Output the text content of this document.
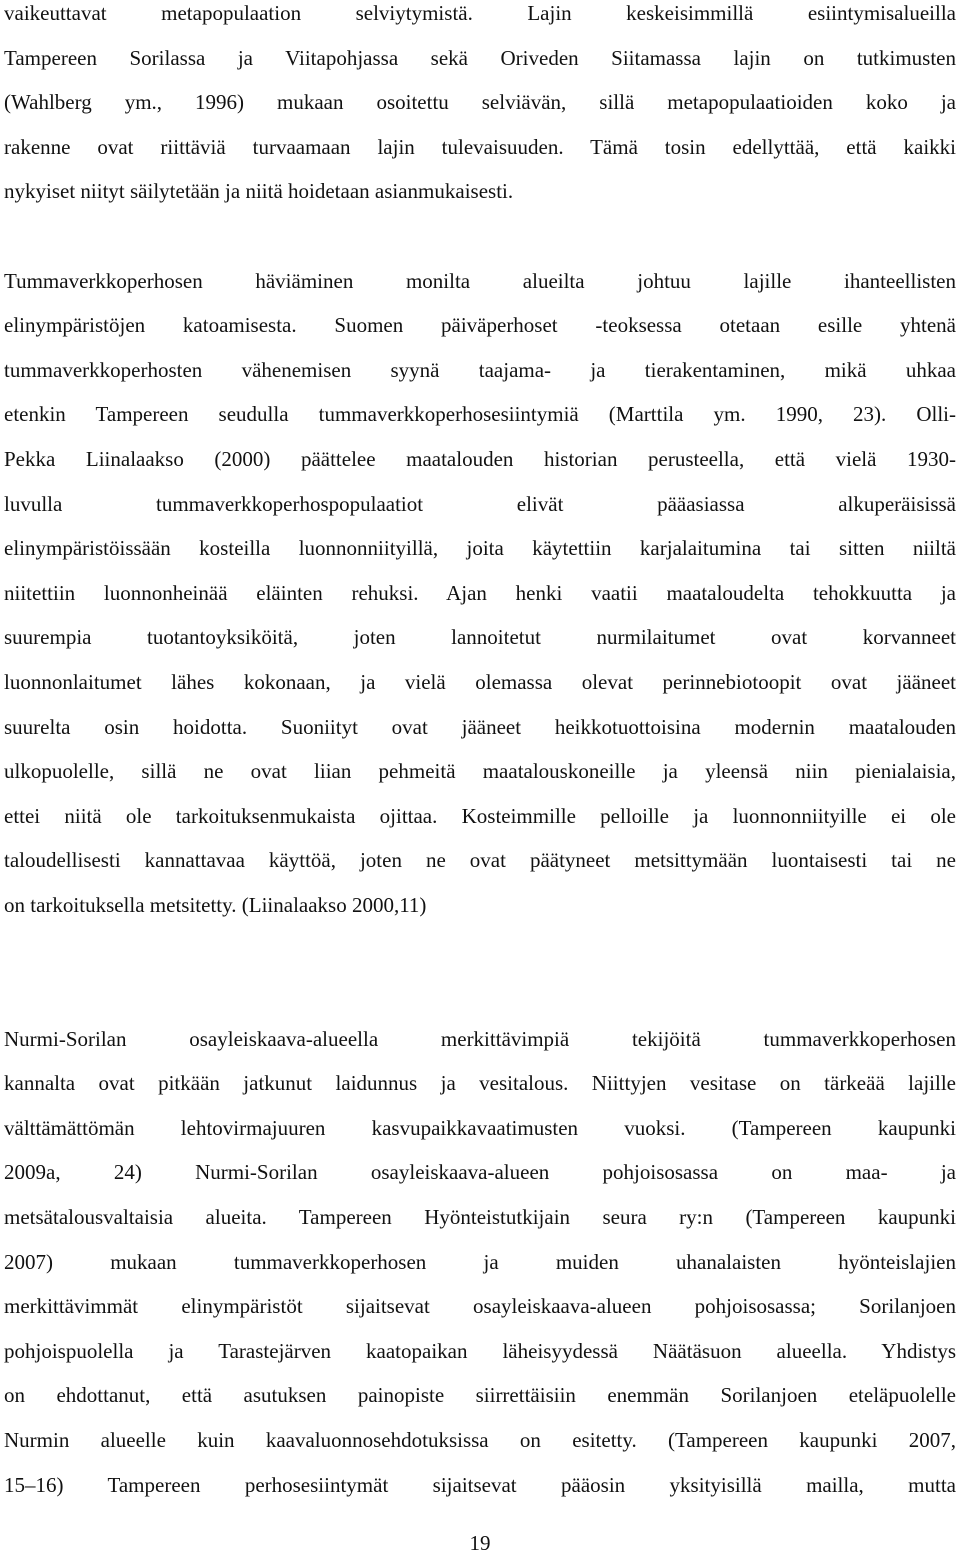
vaikeuttavat metapopulaation selviytymistä. Lajin keskeisimmillä esiintymisalueilla
Tampereen Sorilassa ja Viitapohjassa sekä Oriveden Siitamassa lajin on tutkimusten
(Wahlberg ym., 1996) mukaan osoitettu selviävän, sillä metapopulaatioiden koko ja
rakenne ovat riittäviä turvaamaan lajin tulevaisuuden. Tämä tosin edellyttää, että kaikki
nykyiset niityt säilytetään ja niitä hoidetaan asianmukaisesti.
Tummaverkkoperhosen häviäminen monilta alueilta johtuu lajille ihanteellisten
elinympäristöjen katoamisesta. Suomen päiväperhoset -teoksessa otetaan esille yhtenä
tummaverkkoperhosten vähenemisen syynä taajama- ja tierakentaminen, mikä uhkaa
etenkin Tampereen seudulla tummaverkkoperhosesiintymiä (Marttila ym. 1990, 23). Olli-
Pekka Liinalaakso (2000) päättelee maatalouden historian perusteella, että vielä 1930-
luvulla tummaverkkoperhospopulaatiot elivät pääasiassa alkuperäisissä
elinympäristöissään kosteilla luonnonniityillä, joita käytettiin karjalaitumina tai sitten niiltä
niitettiin luonnonheinää eläinten rehuksi. Ajan henki vaatii maataloudelta tehokkuutta ja
suurempia tuotantoyksiköitä, joten lannoitetut nurmilaitumet ovat korvanneet
luonnonlaitumet lähes kokonaan, ja vielä olemassa olevat perinnebiotoopit ovat jääneet
suurelta osin hoidotta. Suoniityt ovat jääneet heikkotuottoisina modernin maatalouden
ulkopuolelle, sillä ne ovat liian pehmeitä maatalouskoneille ja yleensä niin pienialaisia,
ettei niitä ole tarkoituksenmukaista ojittaa. Kosteimmille pelloille ja luonnonniityille ei ole
taloudellisesti kannattavaa käyttöä, joten ne ovat päätyneet metsittymään luontaisesti tai ne
on tarkoituksella metsitetty. (Liinalaakso 2000,11)
Nurmi-Sorilan osayleiskaava-alueella merkittävimpiä tekijöitä tummaverkkoperhosen
kannalta ovat pitkään jatkunut laidunnus ja vesitalous. Niittyjen vesitase on tärkeää lajille
välttämättömän lehtovirmajuuren kasvupaikkavaatimusten vuoksi. (Tampereen kaupunki
2009a, 24) Nurmi-Sorilan osayleiskaava-alueen pohjoisosassa on maa- ja
metsätalousvaltaisia alueita. Tampereen Hyönteistutkijain seura ry:n (Tampereen kaupunki
2007) mukaan tummaverkkoperhosen ja muiden uhanalaisten hyönteislajien
merkittävimmät elinympäristöt sijaitsevat osayleiskaava-alueen pohjoisosassa; Sorilanjoen
pohjoispuolella ja Tarastejärven kaatopaikan läheisyydessä Näätäsuon alueella. Yhdistys
on ehdottanut, että asutuksen painopiste siirrettäisiin enemmän Sorilanjoen eteläpuolelle
Nurmin alueelle kuin kaavaluonnosehdotuksissa on esitetty. (Tampereen kaupunki 2007,
15–16) Tampereen perhosesiintymät sijaitsevat pääosin yksityisillä mailla, mutta
19
